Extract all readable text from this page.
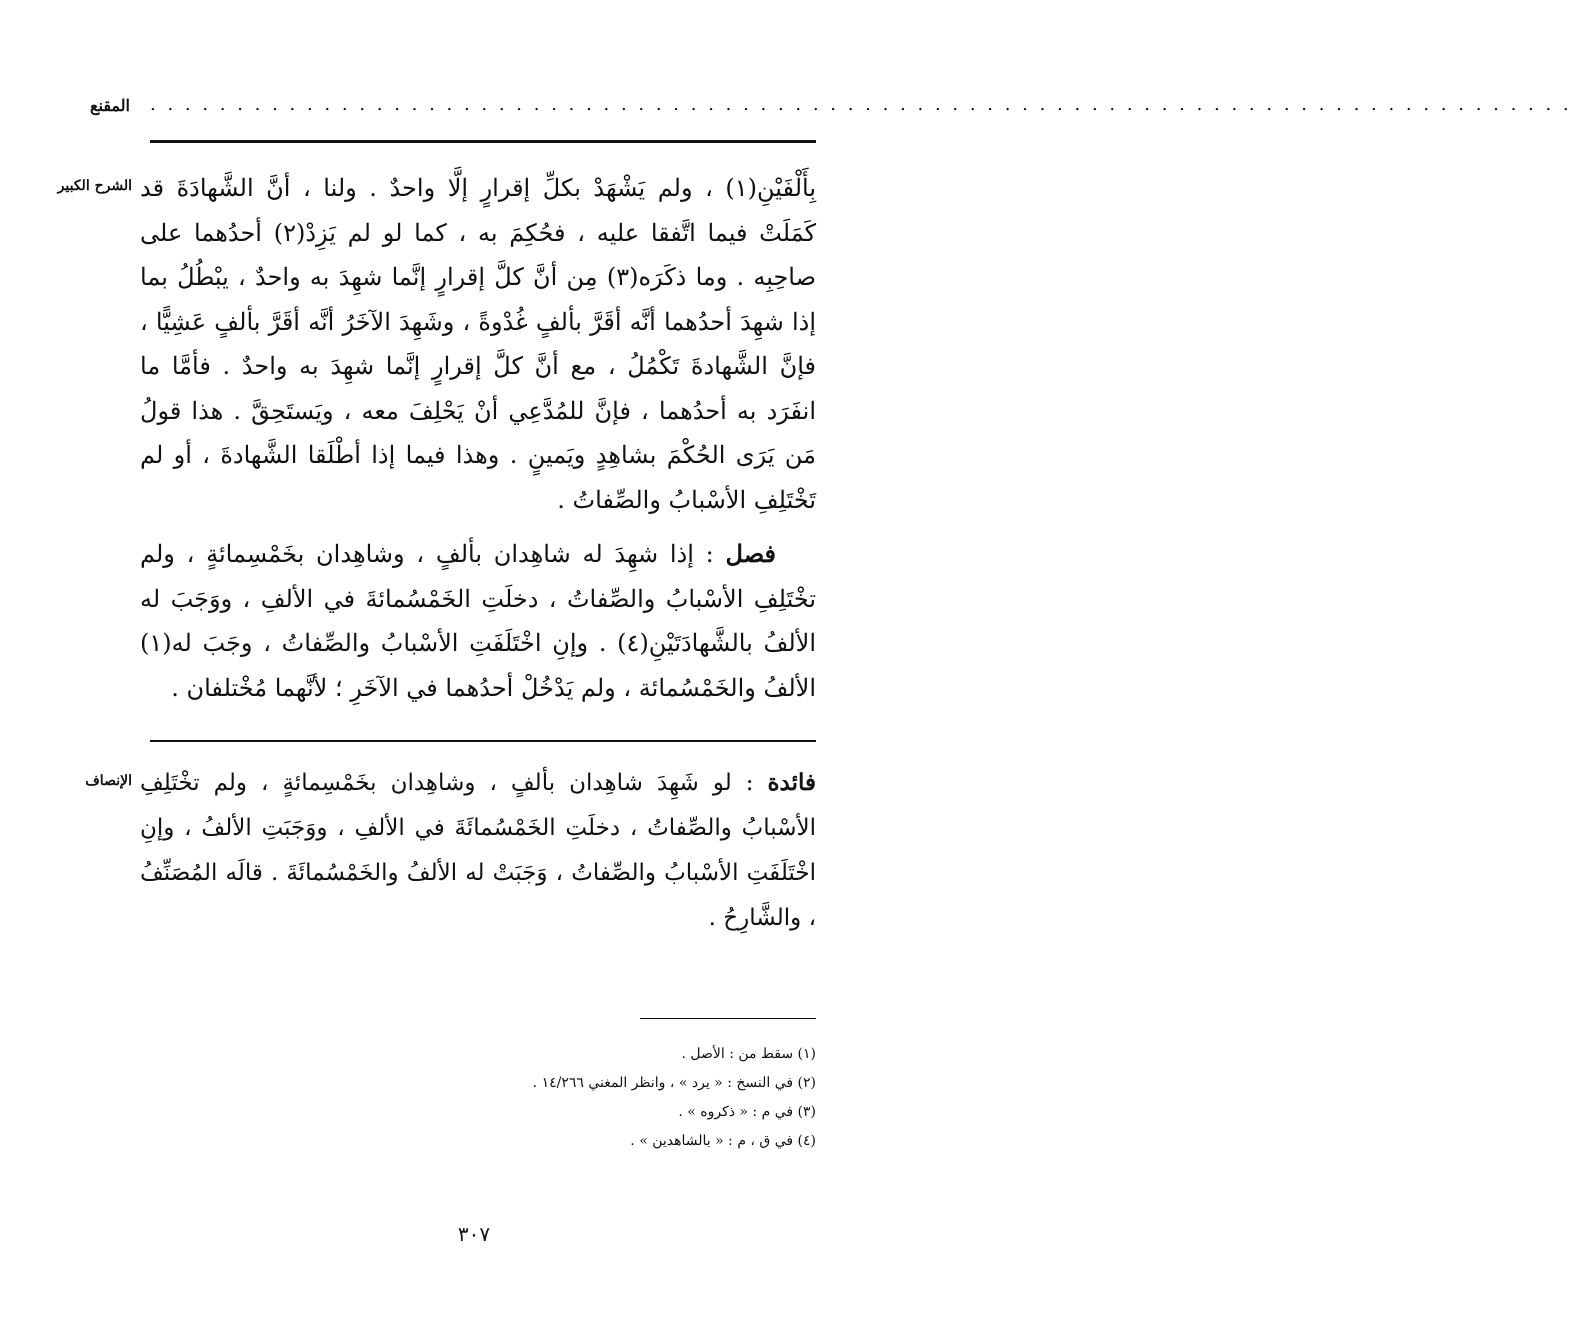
المقنع . . . . . . . . . . . . . . . . . . . . . . . . . . . . . . . . . . . . . . . . . . . . . . . . . . . . . . . . . . . . . . . . . . . . . . . . . . . . . . . . . .
الشرح الكبير بِأَلْفَيْنِ(١) ، ولم يَشْهَدْ بكلِّ إقرارٍ إلَّا واحدٌ . ولنا ، أنَّ الشَّهادَةَ قد كَمَلَتْ فيما اتَّفقا عليه ، فحُكِمَ به ، كما لو لم يَزِدْ(٢) أحدُهما على صاحِبِه . وما ذكَرَه(٣) مِن أنَّ كلَّ إقرارٍ إنَّما شهِدَ به واحدٌ ، يبْطُلُ بما إذا شهِدَ أحدُهما أنَّه أقَرَّ بألفٍ غُدْوةً ، وشَهِدَ الآخَرُ أنَّه أقَرَّ بألفٍ عَشِيًّا ، فإنَّ الشَّهادةَ تَكْمُلُ ، مع أنَّ كلَّ إقرارٍ إنَّما شهِدَ به واحدٌ . فأمَّا ما انفَرَد به أحدُهما ، فإنَّ للمُدَّعِي أنْ يَحْلِفَ معه ، ويَستَحِقَّ . هذا قولُ مَن يَرَى الحُكْمَ بشاهِدٍ ويَمينٍ . وهذا فيما إذا أطْلَقا الشَّهادةَ ، أو لم تَخْتَلِفِ الأسْبابُ والصِّفاتُ .

فصل : إذا شهِدَ له شاهِدان بألفٍ ، وشاهِدان بخَمْسِمائةٍ ، ولم تخْتَلِفِ الأسْبابُ والصِّفاتُ ، دخلَتِ الخَمْسُمائةَ في الألفِ ، ووَجَبَ له الألفُ بالشَّهادَتَيْنِ(٤) . وإنِ اخْتَلَفَتِ الأسْبابُ والصِّفاتُ ، وجَبَ له(١) الألفُ والخَمْسُمائة ، ولم يَدْخُلْ أحدُهما في الآخَرِ ؛ لأنَّهما مُخْتلفان .

الإنصاف	فائدة : لو شَهِدَ شاهِدان بألفٍ ، وشاهِدان بخَمْسِمائةٍ ، ولم تخْتَلِفِ الأسْبابُ والصِّفاتُ ، دخلَتِ الخَمْسُمائَةَ في الألفِ ، ووَجَبَتِ الألفُ ، وإنِ اخْتَلَفَتِ الأسْبابُ والصِّفاتُ ، وَجَبَتْ له الألفُ والخَمْسُمائَةَ . قالَه المُصَنِّفُ ، والشَّارِحُ .
(١) سقط من : الأصل .
(٢) في النسخ : « يرد » ، وانظر المغني ١٤/٢٦٦ .
(٣) في م : « ذكروه » .
(٤) في ق ، م : « بالشاهدين » .
٣٠٧
